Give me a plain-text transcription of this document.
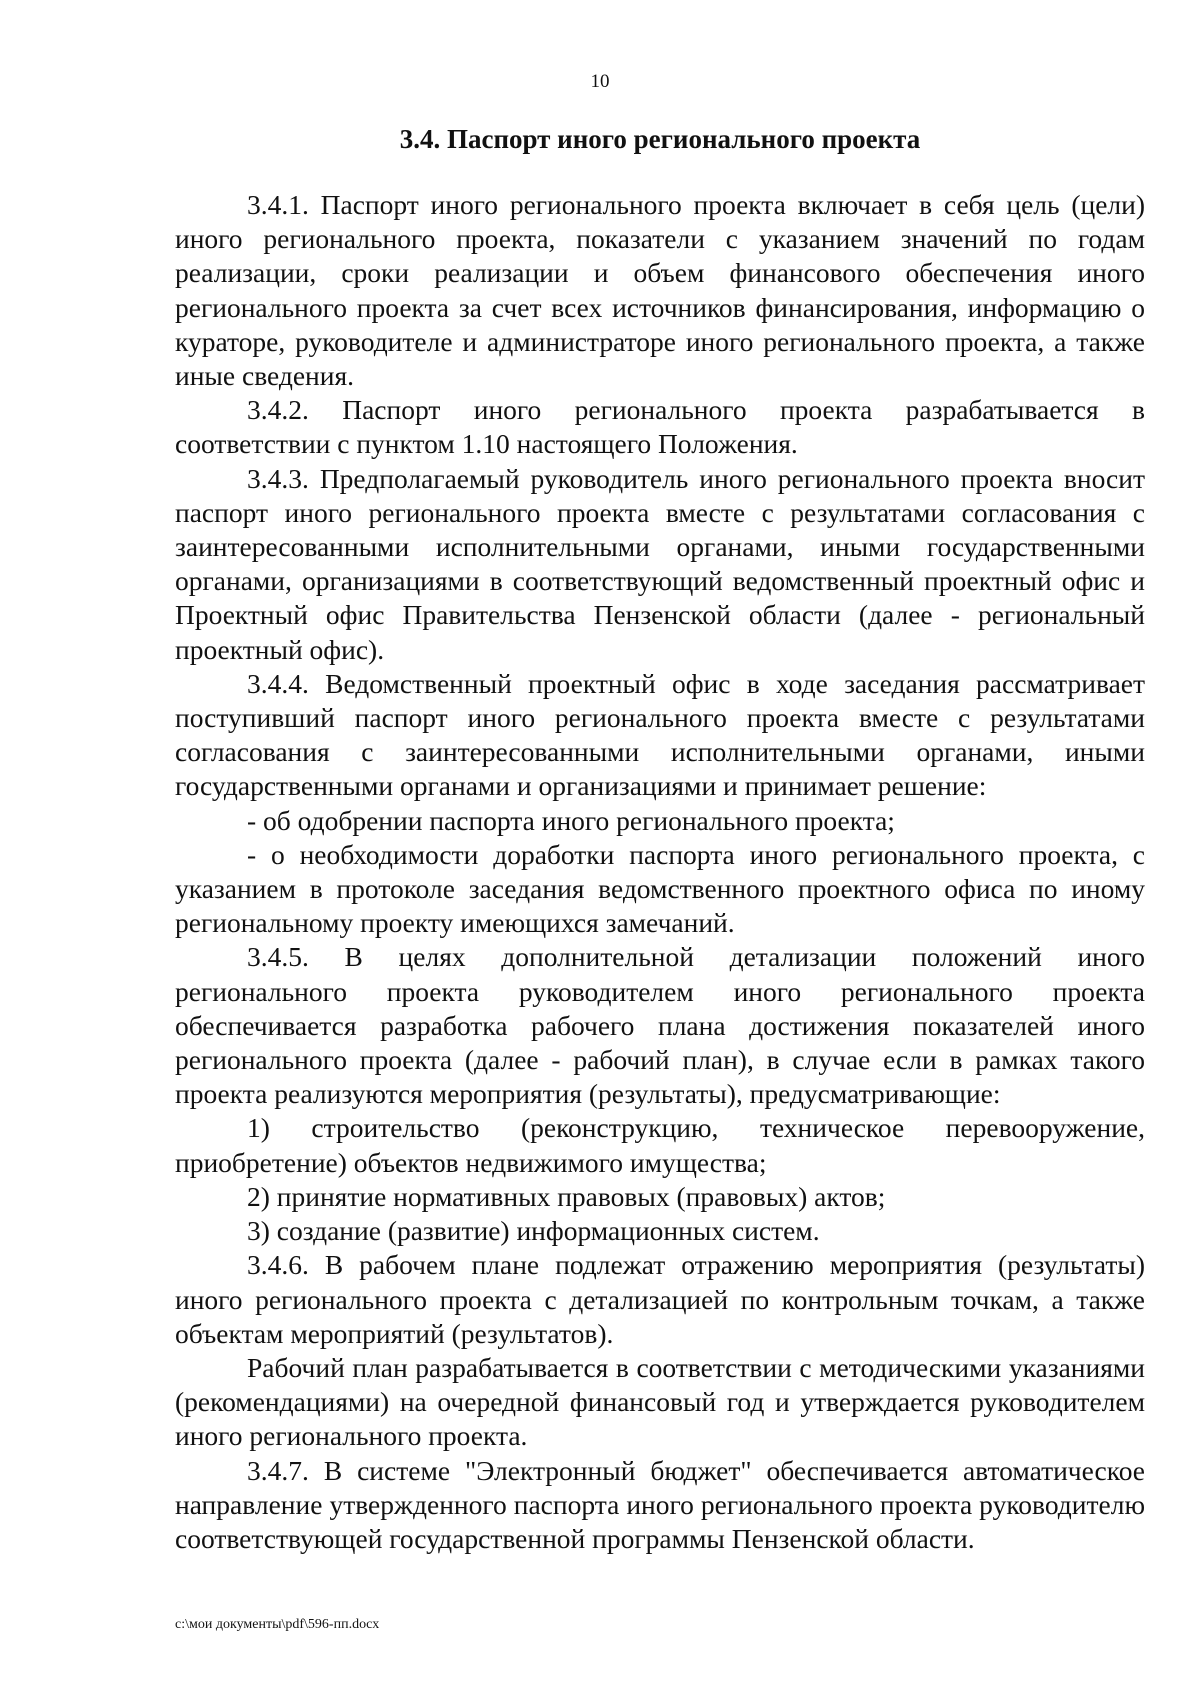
10
3.4. Паспорт иного регионального проекта

3.4.1. Паспорт иного регионального проекта включает в себя цель (цели) иного регионального проекта, показатели с указанием значений по годам реализации, сроки реализации и объем финансового обеспечения иного регионального проекта за счет всех источников финансирования, информацию о кураторе, руководителе и администраторе иного регионального проекта, а также иные сведения.

3.4.2. Паспорт иного регионального проекта разрабатывается в соответствии с пунктом 1.10 настоящего Положения.

3.4.3. Предполагаемый руководитель иного регионального проекта вносит паспорт иного регионального проекта вместе с результатами согласования с заинтересованными исполнительными органами, иными государственными органами, организациями в соответствующий ведомственный проектный офис и Проектный офис Правительства Пензенской области (далее - региональный проектный офис).

3.4.4. Ведомственный проектный офис в ходе заседания рассматривает поступивший паспорт иного регионального проекта вместе с результатами согласования с заинтересованными исполнительными органами, иными государственными органами и организациями и принимает решение:

- об одобрении паспорта иного регионального проекта;

- о необходимости доработки паспорта иного регионального проекта, с указанием в протоколе заседания ведомственного проектного офиса по иному региональному проекту имеющихся замечаний.

3.4.5. В целях дополнительной детализации положений иного регионального проекта руководителем иного регионального проекта обеспечивается разработка рабочего плана достижения показателей иного регионального проекта (далее - рабочий план), в случае если в рамках такого проекта реализуются мероприятия (результаты), предусматривающие:

1) строительство (реконструкцию, техническое перевооружение, приобретение) объектов недвижимого имущества;

2) принятие нормативных правовых (правовых) актов;

3) создание (развитие) информационных систем.

3.4.6. В рабочем плане подлежат отражению мероприятия (результаты) иного регионального проекта с детализацией по контрольным точкам, а также объектам мероприятий (результатов).

Рабочий план разрабатывается в соответствии с методическими указаниями (рекомендациями) на очередной финансовый год и утверждается руководителем иного регионального проекта.

3.4.7. В системе "Электронный бюджет" обеспечивается автоматическое направление утвержденного паспорта иного регионального проекта руководителю соответствующей государственной программы Пензенской области.

c:\мои документы\pdf\596-пп.docx
